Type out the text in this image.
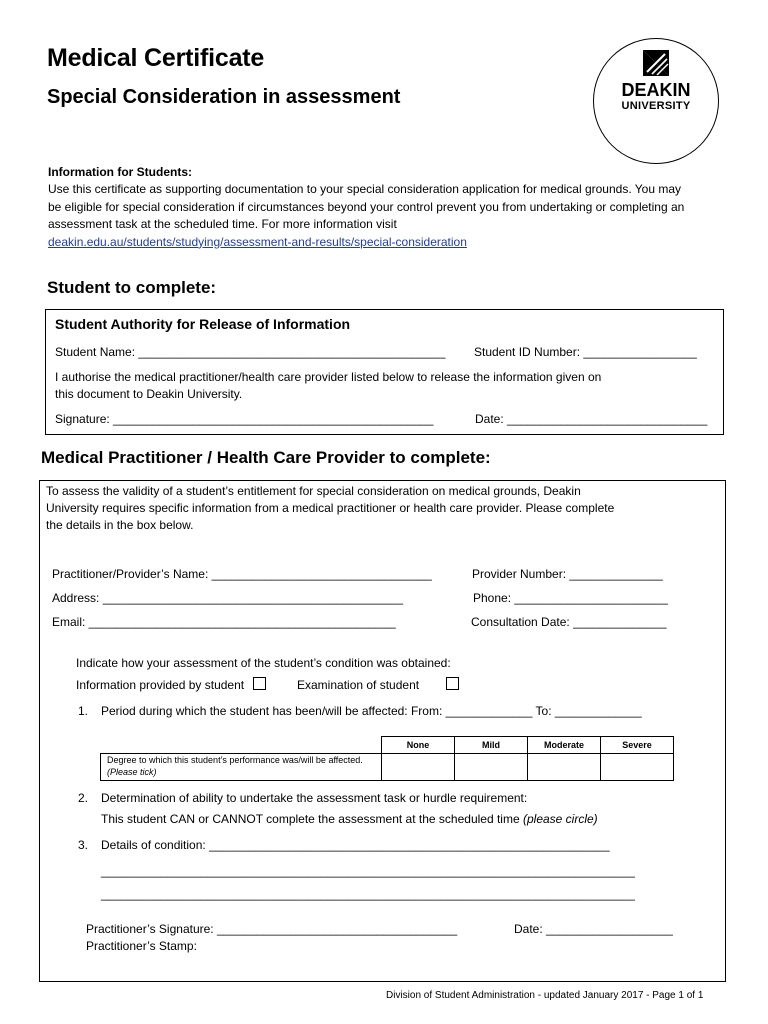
Medical Certificate
Special Consideration in assessment	DEAKIN
UNIVERSITY
Information for Students:
Use this certificate as supporting documentation to your special consideration application for medical grounds. You may be eligible for special consideration if circumstances beyond your control prevent you from undertaking or completing an assessment task at the scheduled time. For more information visit
deakin.edu.au/students/studying/assessment-and-results/special-consideration
Student to complete:
Student Authority for Release of Information
Student Name: ______________________________________________ Student ID Number: _________________
I authorise the medical practitioner/health care provider listed below to release the information given on
this document to Deakin University.
Signature: ________________________________________________	Date: ______________________________
Medical Practitioner / Health Care Provider to complete:
To assess the validity of a student’s entitlement for special consideration on medical grounds, Deakin
University requires specific information from a medical practitioner or health care provider. Please complete
the details in the box below.
Practitioner/Provider’s Name: _________________________________	Provider Number: ______________
Address: _____________________________________________	Phone: _______________________
Email: ______________________________________________	Consultation Date: ______________
Indicate how your assessment of the student’s condition was obtained:
Information provided by student	Examination of student
1. Period during which the student has been/will be affected: From: _____________ To: _____________
	None	Mild	Moderate	Severe
Degree to which this student’s performance was/will be affected. (Please tick)				
2. Determination of ability to undertake the assessment task or hurdle requirement:
This student CAN or CANNOT complete the assessment at the scheduled time (please circle)
3. Details of condition: ____________________________________________________________
________________________________________________________________________________
________________________________________________________________________________
Practitioner’s Signature: ____________________________________	Date: ___________________
Practitioner’s Stamp:
Division of Student Administration - updated January 2017 - Page 1 of 1
